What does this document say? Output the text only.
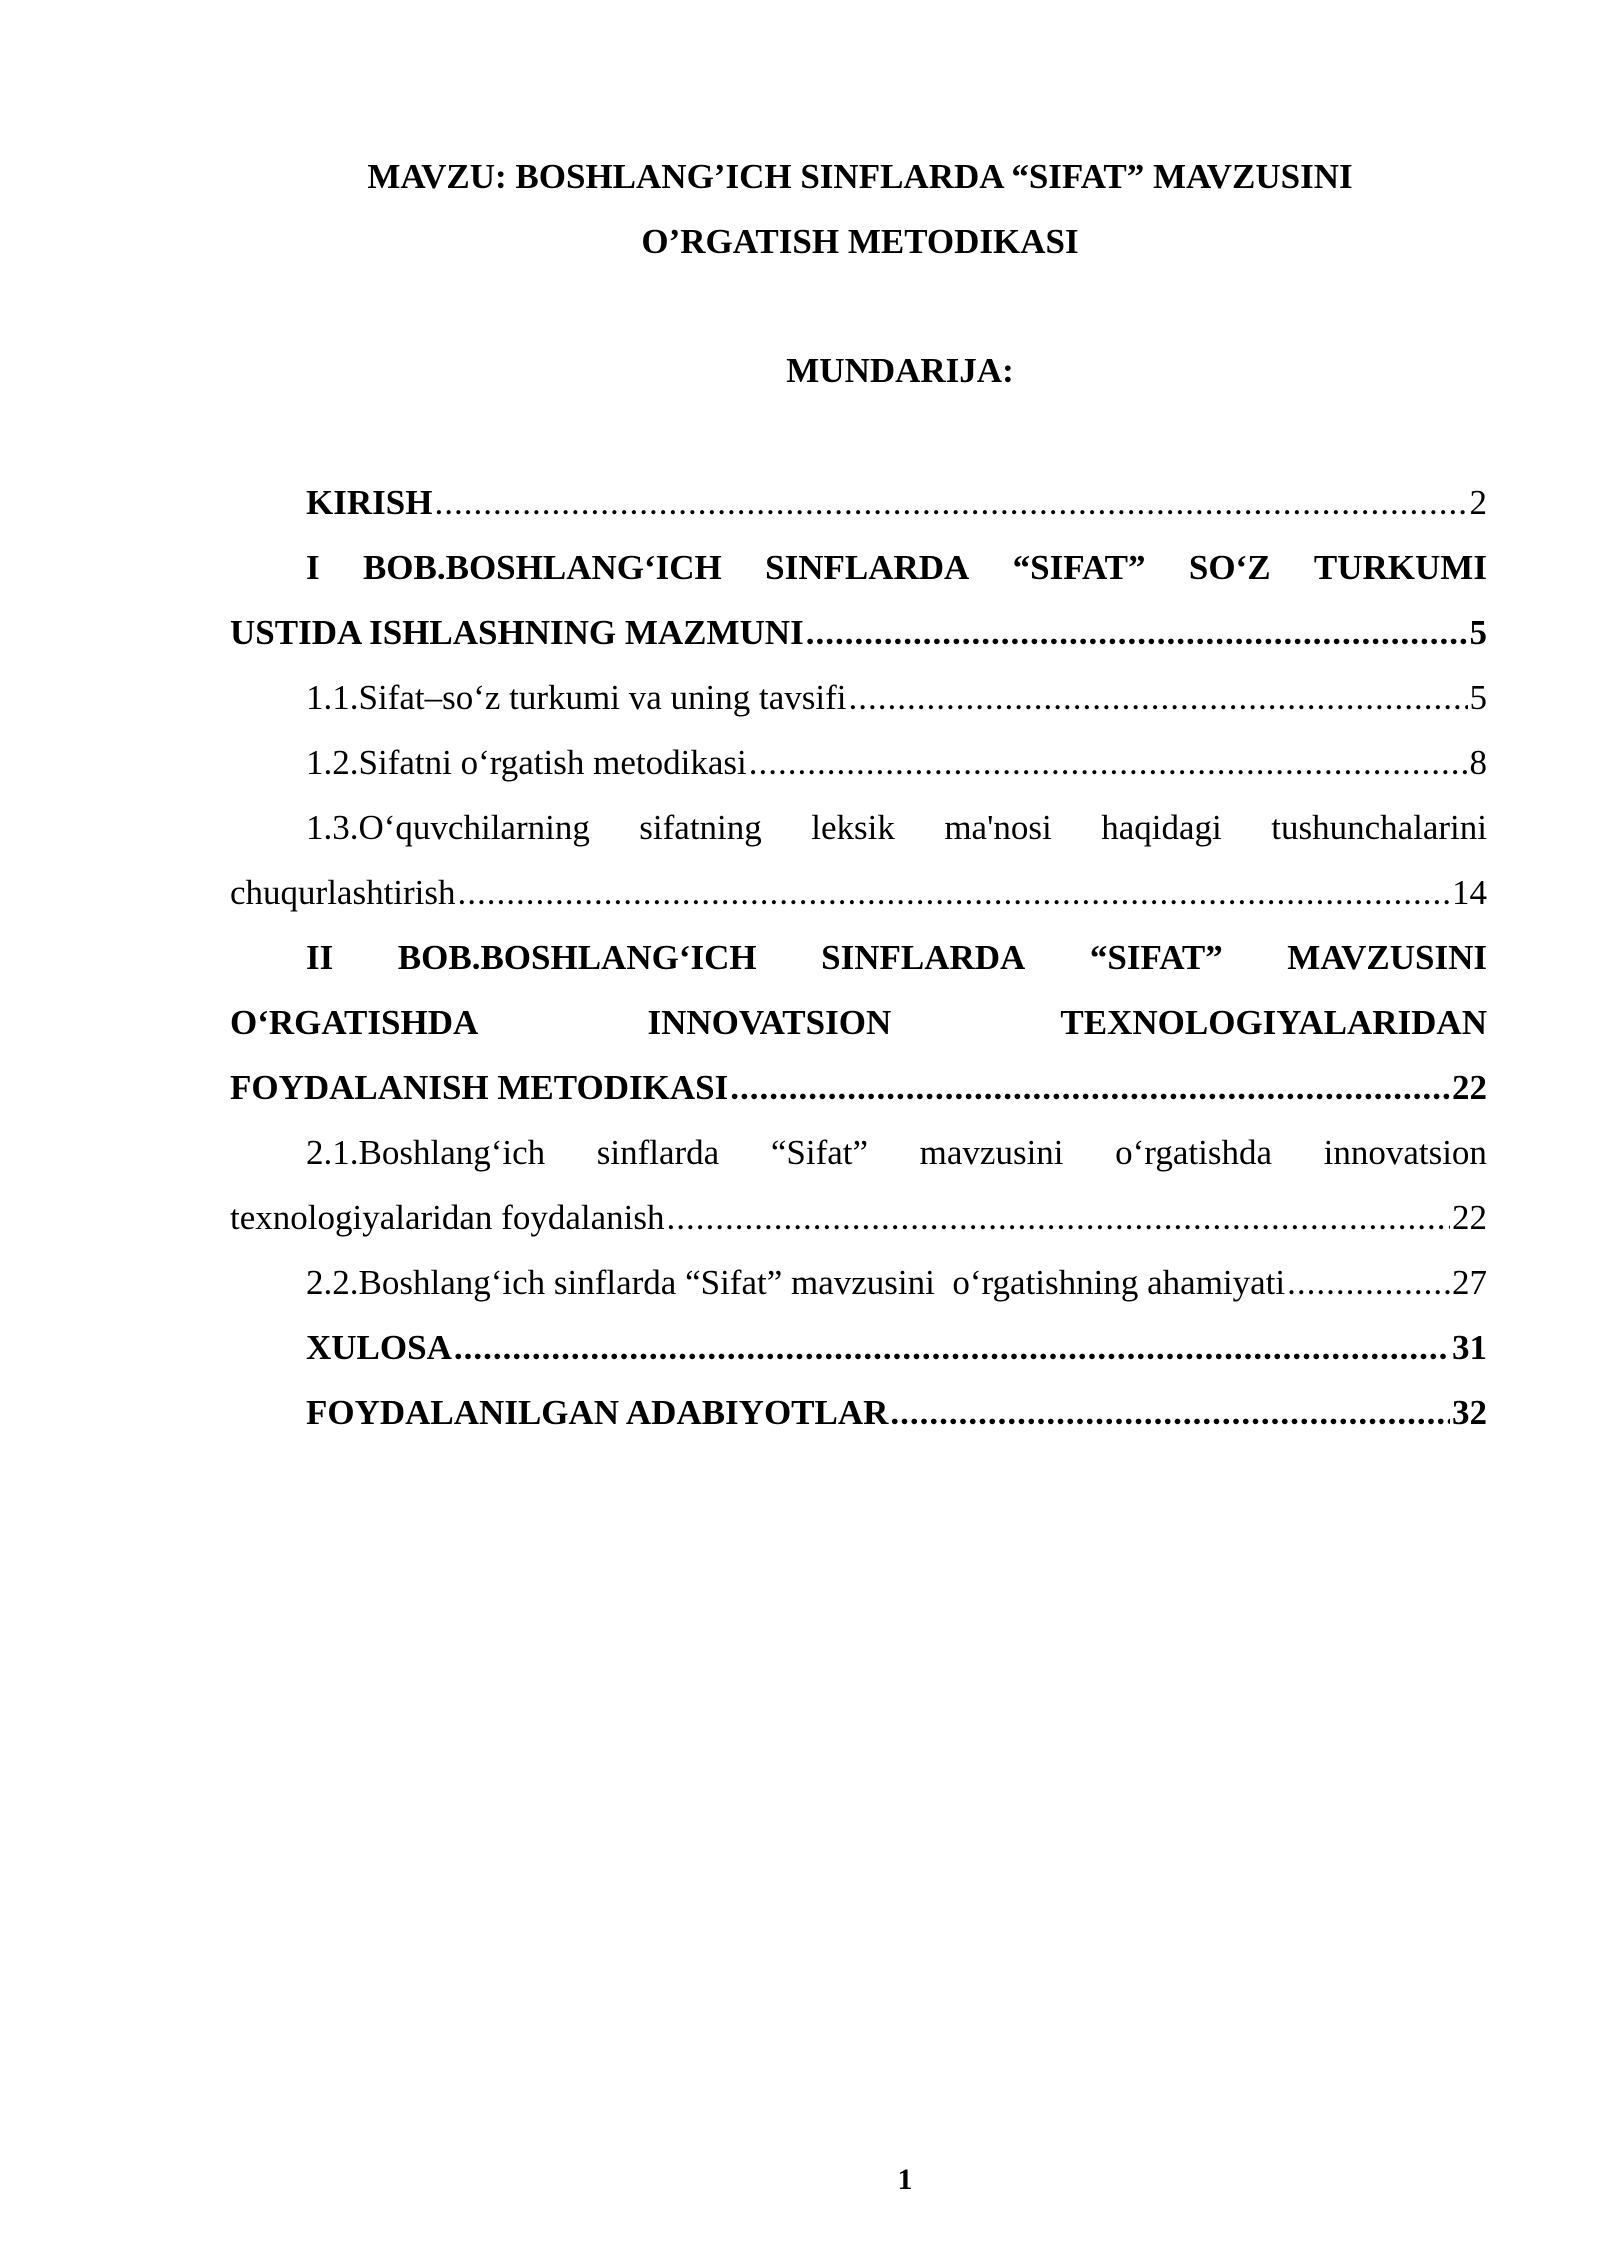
MAVZU: BOSHLANG’ICH SINFLARDA “SIFAT” MAVZUSINI
O’RGATISH METODIKASI
MUNDARIJA:
KIRISH .....	2
I BOB.BOSHLANG‘ICH SINFLARDA “SIFAT” SO‘Z TURKUMI
USTIDA ISHLASHNING MAZMUNI .....	5
1.1.Sifat–so‘z turkumi va uning tavsifi .....	5
1.2.Sifatni o‘rgatish metodikasi .....	8
1.3.O‘quvchilarning sifatning leksik ma'nosi haqidagi tushunchalarini
chuqurlashtirish .....	14
II BOB.BOSHLANG‘ICH SINFLARDA “SIFAT” MAVZUSINI
O‘RGATISHDA	INNOVATSION	TEXNOLOGIYALARIDAN
FOYDALANISH METODIKASI .....	22
2.1.Boshlang‘ich sinflarda “Sifat” mavzusini o‘rgatishda innovatsion
texnologiyalaridan foydalanish .....	22
2.2.Boshlang‘ich sinflarda “Sifat” mavzusini  o‘rgatishning ahamiyati .....	27
XULOSA .....	31
FOYDALANILGAN ADABIYOTLAR .....	32
1
